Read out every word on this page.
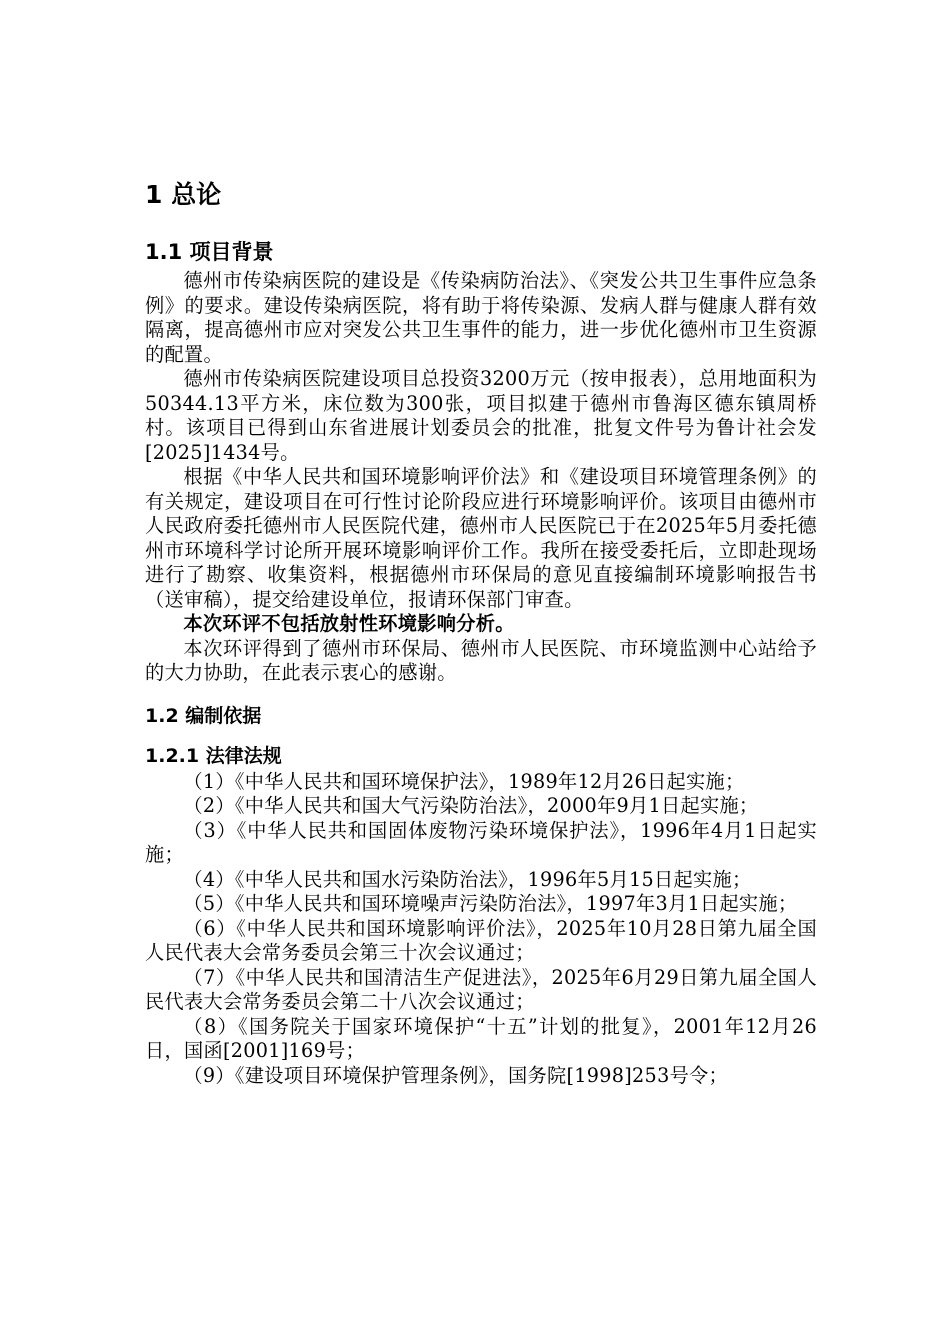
1 总论
1.1 项目背景

德州市传染病医院的建设是《传染病防治法》、《突发公共卫生事件应急条例》的要求。建设传染病医院，将有助于将传染源、发病人群与健康人群有效隔离，提高德州市应对突发公共卫生事件的能力，进一步优化德州市卫生资源的配置。

德州市传染病医院建设项目总投资3200万元（按申报表），总用地面积为50344.13平方米，床位数为300张，项目拟建于德州市鲁海区德东镇周桥村。该项目已得到山东省进展计划委员会的批准，批复文件号为鲁计社会发[2025]1434号。

根据《中华人民共和国环境影响评价法》和《建设项目环境管理条例》的有关规定，建设项目在可行性讨论阶段应进行环境影响评价。该项目由德州市人民政府委托德州市人民医院代建，德州市人民医院已于在2025年5月委托德州市环境科学讨论所开展环境影响评价工作。我所在接受委托后，立即赴现场进行了勘察、收集资料，根据德州市环保局的意见直接编制环境影响报告书（送审稿），提交给建设单位，报请环保部门审查。

本次环评不包括放射性环境影响分析。

本次环评得到了德州市环保局、德州市人民医院、市环境监测中心站给予的大力协助，在此表示衷心的感谢。

1.2 编制依据
1.2.1 法律法规

（1）《中华人民共和国环境保护法》，1989年12月26日起实施；

（2）《中华人民共和国大气污染防治法》，2000年9月1日起实施；

（3）《中华人民共和国固体废物污染环境保护法》，1996年4月1日起实施；

（4）《中华人民共和国水污染防治法》，1996年5月15日起实施；

（5）《中华人民共和国环境噪声污染防治法》，1997年3月1日起实施；

（6）《中华人民共和国环境影响评价法》，2025年10月28日第九届全国人民代表大会常务委员会第三十次会议通过；

（7）《中华人民共和国清洁生产促进法》，2025年6月29日第九届全国人民代表大会常务委员会第二十八次会议通过；

（8）《国务院关于国家环境保护“十五”计划的批复》，2001年12月26日，国函[2001]169号；

（9）《建设项目环境保护管理条例》，国务院[1998]253号令；
